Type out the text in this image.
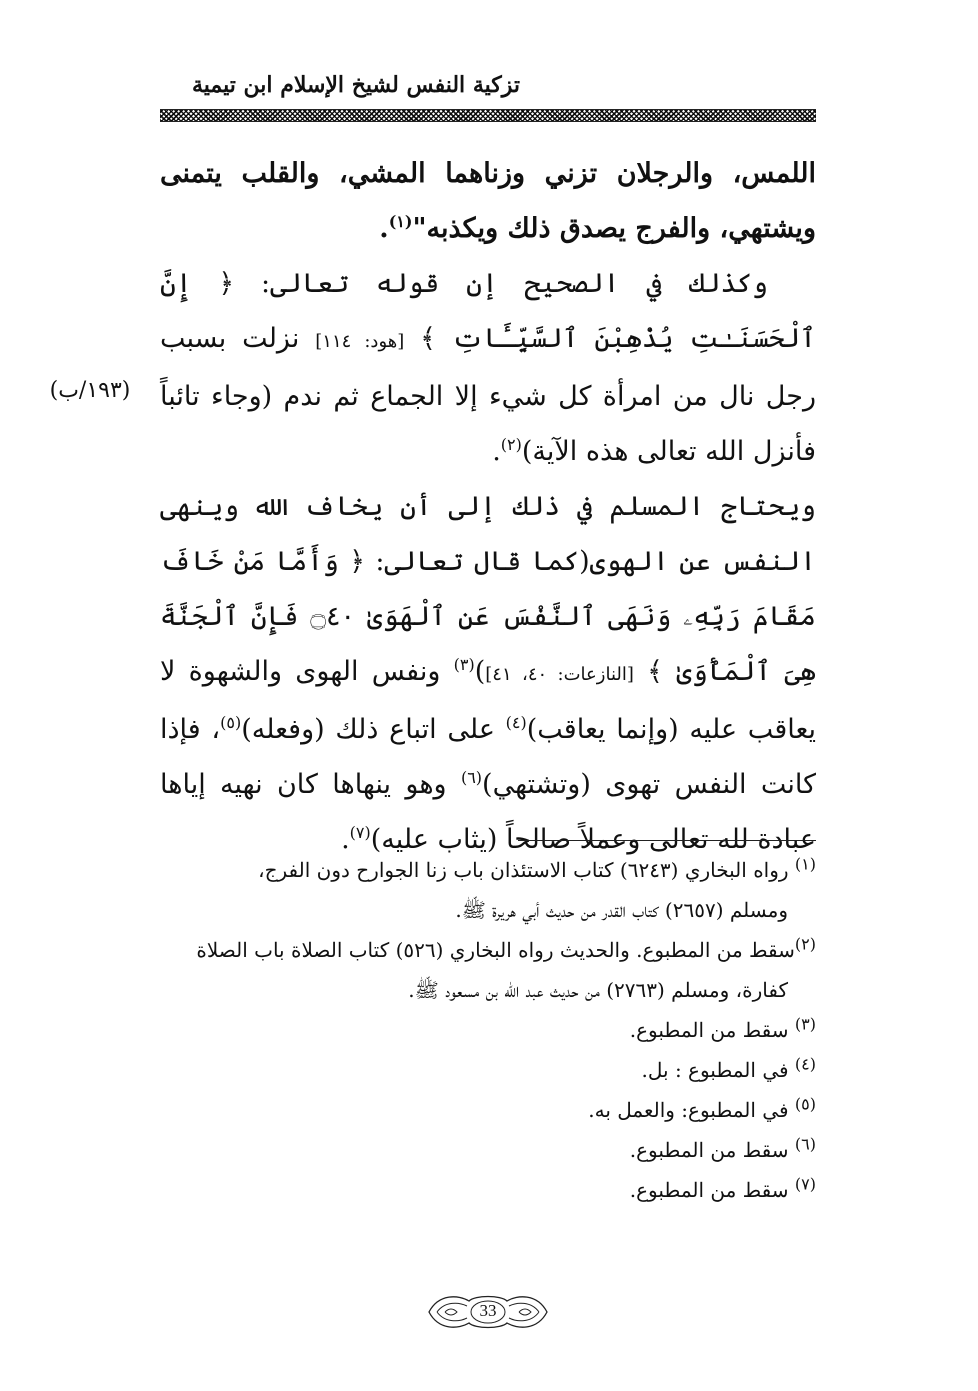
تزكية النفس لشيخ الإسلام ابن تيمية

اللمس، والرجلان تزني وزناهما المشي، والقلب يتمنى ويشتهي، والفرج يصدق ذلك ويكذبه"$^{(١)}$.

وكذلك في الصحيح إن قوله تعالى: ﴿ إِنَّ ٱلْحَسَنَـٰتِ يُذْهِبْنَ ٱلسَّيِّـَٔاتِ ﴾ [هود: ١١٤] نزلت بسبب رجل نال من امرأة كل شيء إلا الجماع ثم ندم (وجاء تائباً فأنزل الله تعالى هذه الآية)$^{(٢)}$.

ويحتاج المسلم في ذلك إلى أن يخاف الله وينهى النفس عن الهوى(كما قال تعالى: ﴿ وَأَمَّا مَنْ خَافَ مَقَامَ رَبِّهِۦ وَنَهَى ٱلنَّفْسَ عَنِ ٱلْهَوَىٰ ۝٤٠ فَإِنَّ ٱلْجَنَّةَ هِىَ ٱلْمَأْوَىٰ ﴾ [النازعات: ٤٠، ٤١])$^{(٣)}$ ونفس الهوى والشهوة لا يعاقب عليه (وإنما يعاقب)$^{(٤)}$ على اتباع ذلك (وفعله)$^{(٥)}$، فإذا كانت النفس تهوى (وتشتهي)$^{(٦)}$ وهو ينهاها كان نهيه إياها عبادة لله تعالى وعملاً صالحاً (يثاب عليه)$^{(٧)}$.

(١٩٣/ب)

$^{(١)}$ رواه البخاري (٦٢٤٣) كتاب الاستئذان باب زنا الجوارح دون الفرج،

ومسلم (٢٦٥٧) كتاب القدر من حديث أبي هريرة ﷺ.

$^{(٢)}$سقط من المطبوع. والحديث رواه البخاري (٥٢٦) كتاب الصلاة باب الصلاة

كفارة، ومسلم (٢٧٦٣) من حديث عبد الله بن مسعود ﷺ.

$^{(٣)}$ سقط من المطبوع.

$^{(٤)}$ في المطبوع : بل.

$^{(٥)}$ في المطبوع: والعمل به.

$^{(٦)}$ سقط من المطبوع.

$^{(٧)}$ سقط من المطبوع.

33
